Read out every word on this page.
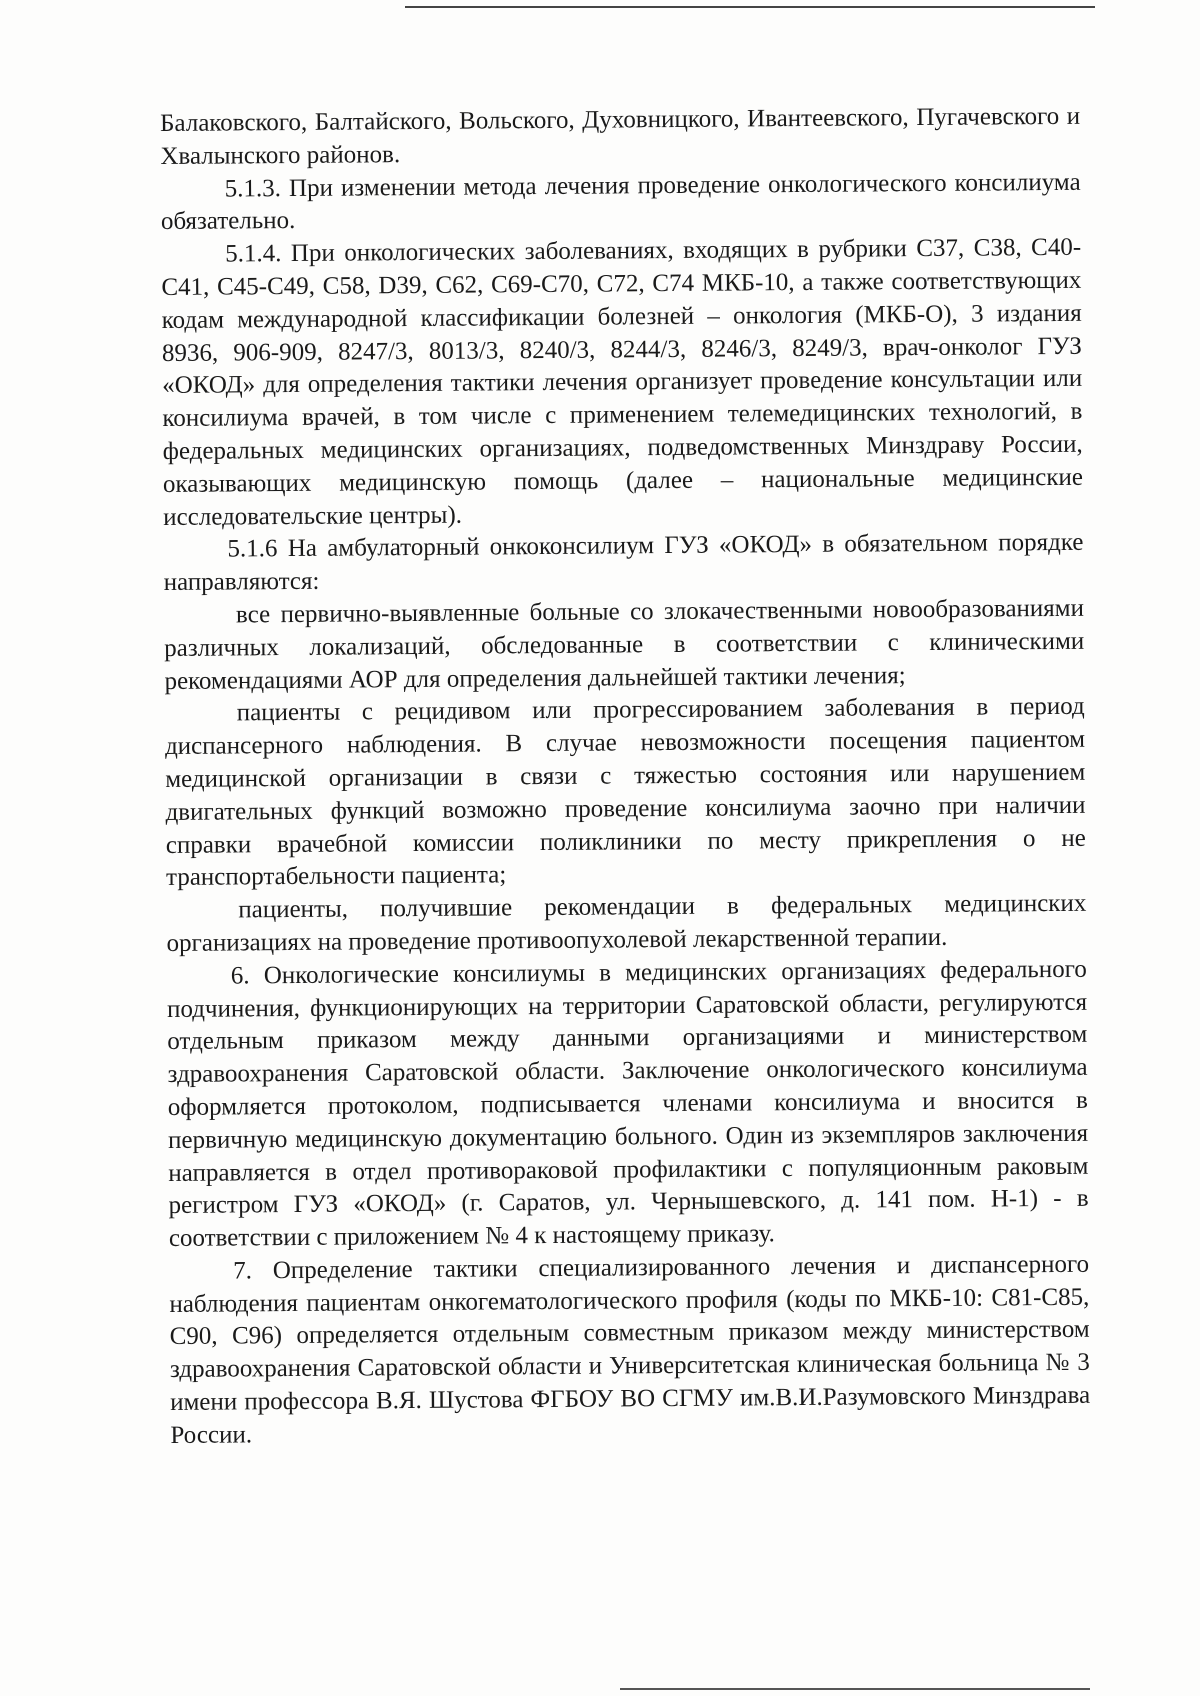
Балаковского, Балтайского, Вольского, Духовницкого, Ивантеевского, Пугачевского и Хвалынского районов.

5.1.3. При изменении метода лечения проведение онкологического консилиума обязательно.

5.1.4. При онкологических заболеваниях, входящих в рубрики C37, C38, C40-C41, C45-C49, C58, D39, C62, C69-C70, C72, C74 МКБ-10, а также соответствующих кодам международной классификации болезней – онкология (МКБ-О), 3 издания 8936, 906-909, 8247/3, 8013/3, 8240/3, 8244/3, 8246/3, 8249/3, врач-онколог ГУЗ «ОКОД» для определения тактики лечения организует проведение консультации или консилиума врачей, в том числе с применением телемедицинских технологий, в федеральных медицинских организациях, подведомственных Минздраву России, оказывающих медицинскую помощь (далее – национальные медицинские исследовательские центры).

5.1.6 На амбулаторный онкоконсилиум ГУЗ «ОКОД» в обязательном порядке направляются:

все первично-выявленные больные со злокачественными новообразованиями различных локализаций, обследованные в соответствии с клиническими рекомендациями АОР для определения дальнейшей тактики лечения;

пациенты с рецидивом или прогрессированием заболевания в период диспансерного наблюдения. В случае невозможности посещения пациентом медицинской организации в связи с тяжестью состояния или нарушением двигательных функций возможно проведение консилиума заочно при наличии справки врачебной комиссии поликлиники по месту прикрепления о не транспортабельности пациента;

пациенты, получившие рекомендации в федеральных медицинских организациях на проведение противоопухолевой лекарственной терапии.

6. Онкологические консилиумы в медицинских организациях федерального подчинения, функционирующих на территории Саратовской области, регулируются отдельным приказом между данными организациями и министерством здравоохранения Саратовской области. Заключение онкологического консилиума оформляется протоколом, подписывается членами консилиума и вносится в первичную медицинскую документацию больного. Один из экземпляров заключения направляется в отдел противораковой профилактики с популяционным раковым регистром ГУЗ «ОКОД» (г. Саратов, ул. Чернышевского, д. 141 пом. Н-1) - в соответствии с приложением № 4 к настоящему приказу.

7. Определение тактики специализированного лечения и диспансерного наблюдения пациентам онкогематологического профиля (коды по МКБ-10: C81-C85, C90, C96) определяется отдельным совместным приказом между министерством здравоохранения Саратовской области и Университетская клиническая больница № 3 имени профессора В.Я. Шустова ФГБОУ ВО СГМУ им.В.И.Разумовского Минздрава России.
